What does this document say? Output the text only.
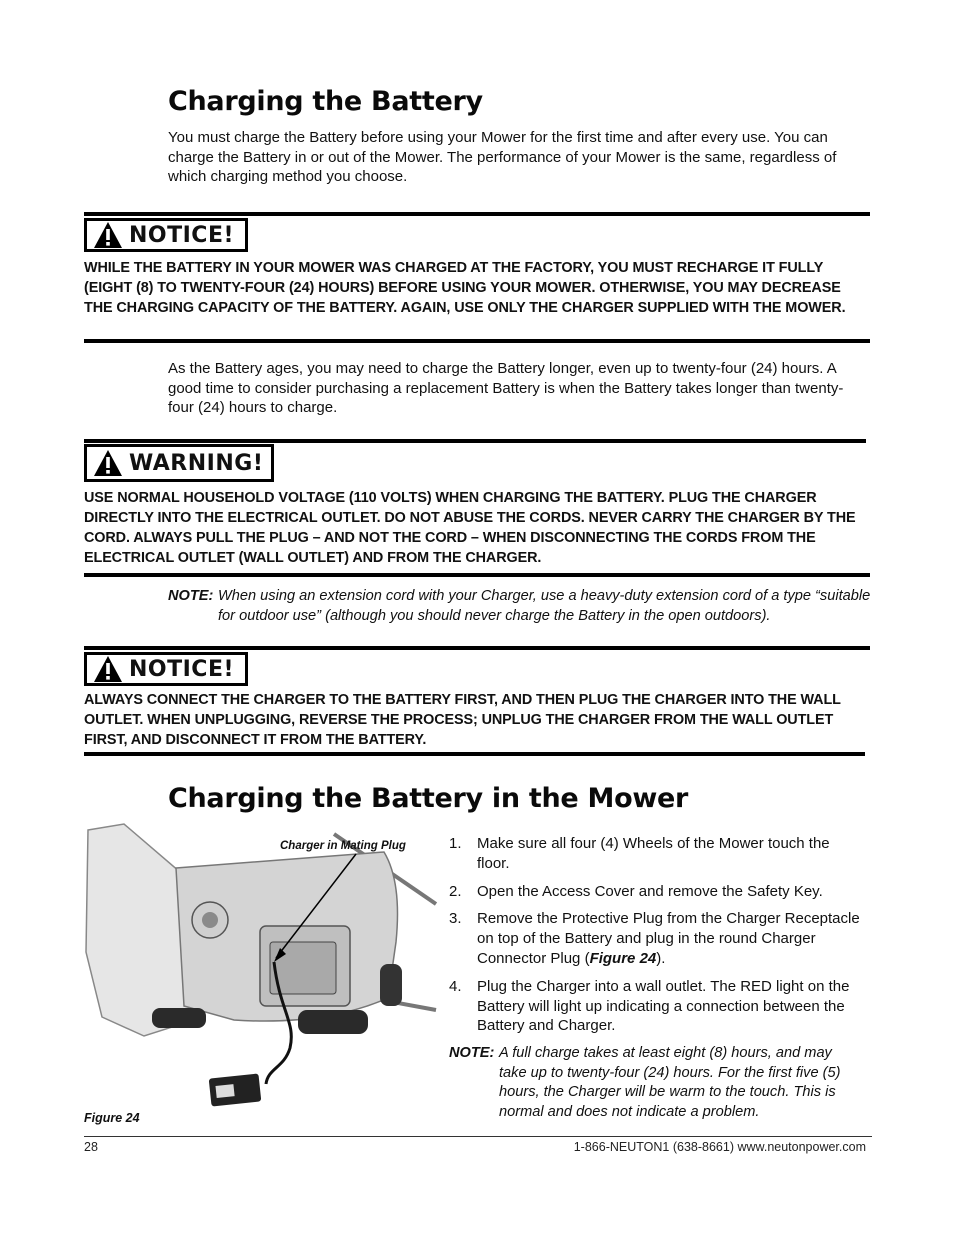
Charging the Battery
You must charge the Battery before using your Mower for the first time and after every use. You can charge the Battery in or out of the Mower. The performance of your Mower is the same, regardless of which charging method you choose.
NOTICE!
WHILE THE BATTERY IN YOUR MOWER WAS CHARGED AT THE FACTORY, YOU MUST RECHARGE IT FULLY (EIGHT (8) TO TWENTY-FOUR (24) HOURS) BEFORE USING YOUR MOWER. OTHERWISE, YOU MAY DECREASE THE CHARGING CAPACITY OF THE BATTERY. AGAIN, USE ONLY THE CHARGER SUPPLIED WITH THE MOWER.
As the Battery ages, you may need to charge the Battery longer, even up to twenty-four (24) hours. A good time to consider purchasing a replacement Battery is when the Battery takes longer than twenty-four (24) hours to charge.
WARNING!
USE NORMAL HOUSEHOLD VOLTAGE (110 VOLTS) WHEN CHARGING THE BATTERY. PLUG THE CHARGER DIRECTLY INTO THE ELECTRICAL OUTLET. DO NOT ABUSE THE CORDS. NEVER CARRY THE CHARGER BY THE CORD. ALWAYS PULL THE PLUG – AND NOT THE CORD – WHEN DISCONNECTING THE CORDS FROM THE ELECTRICAL OUTLET (WALL OUTLET) AND FROM THE CHARGER.
NOTE: When using an extension cord with your Charger, use a heavy-duty extension cord of a type “suitable for outdoor use” (although you should never charge the Battery in the open outdoors).
NOTICE!
ALWAYS CONNECT THE CHARGER TO THE BATTERY FIRST, AND THEN PLUG THE CHARGER INTO THE WALL OUTLET. WHEN UNPLUGGING, REVERSE THE PROCESS; UNPLUG THE CHARGER FROM THE WALL OUTLET FIRST, AND DISCONNECT IT FROM THE BATTERY.
Charging the Battery in the Mower
Charger in Mating Plug
Figure 24
1. Make sure all four (4) Wheels of the Mower touch the floor.
2. Open the Access Cover and remove the Safety Key.
3. Remove the Protective Plug from the Charger Receptacle on top of the Battery and plug in the round Charger Connector Plug (Figure 24).
4. Plug the Charger into a wall outlet. The RED light on the Battery will light up indicating a connection between the Battery and Charger.
NOTE: A full charge takes at least eight (8) hours, and may take up to twenty-four (24) hours. For the first five (5) hours, the Charger will be warm to the touch. This is normal and does not indicate a problem.
28	1-866-NEUTON1 (638-8661) www.neutonpower.com
